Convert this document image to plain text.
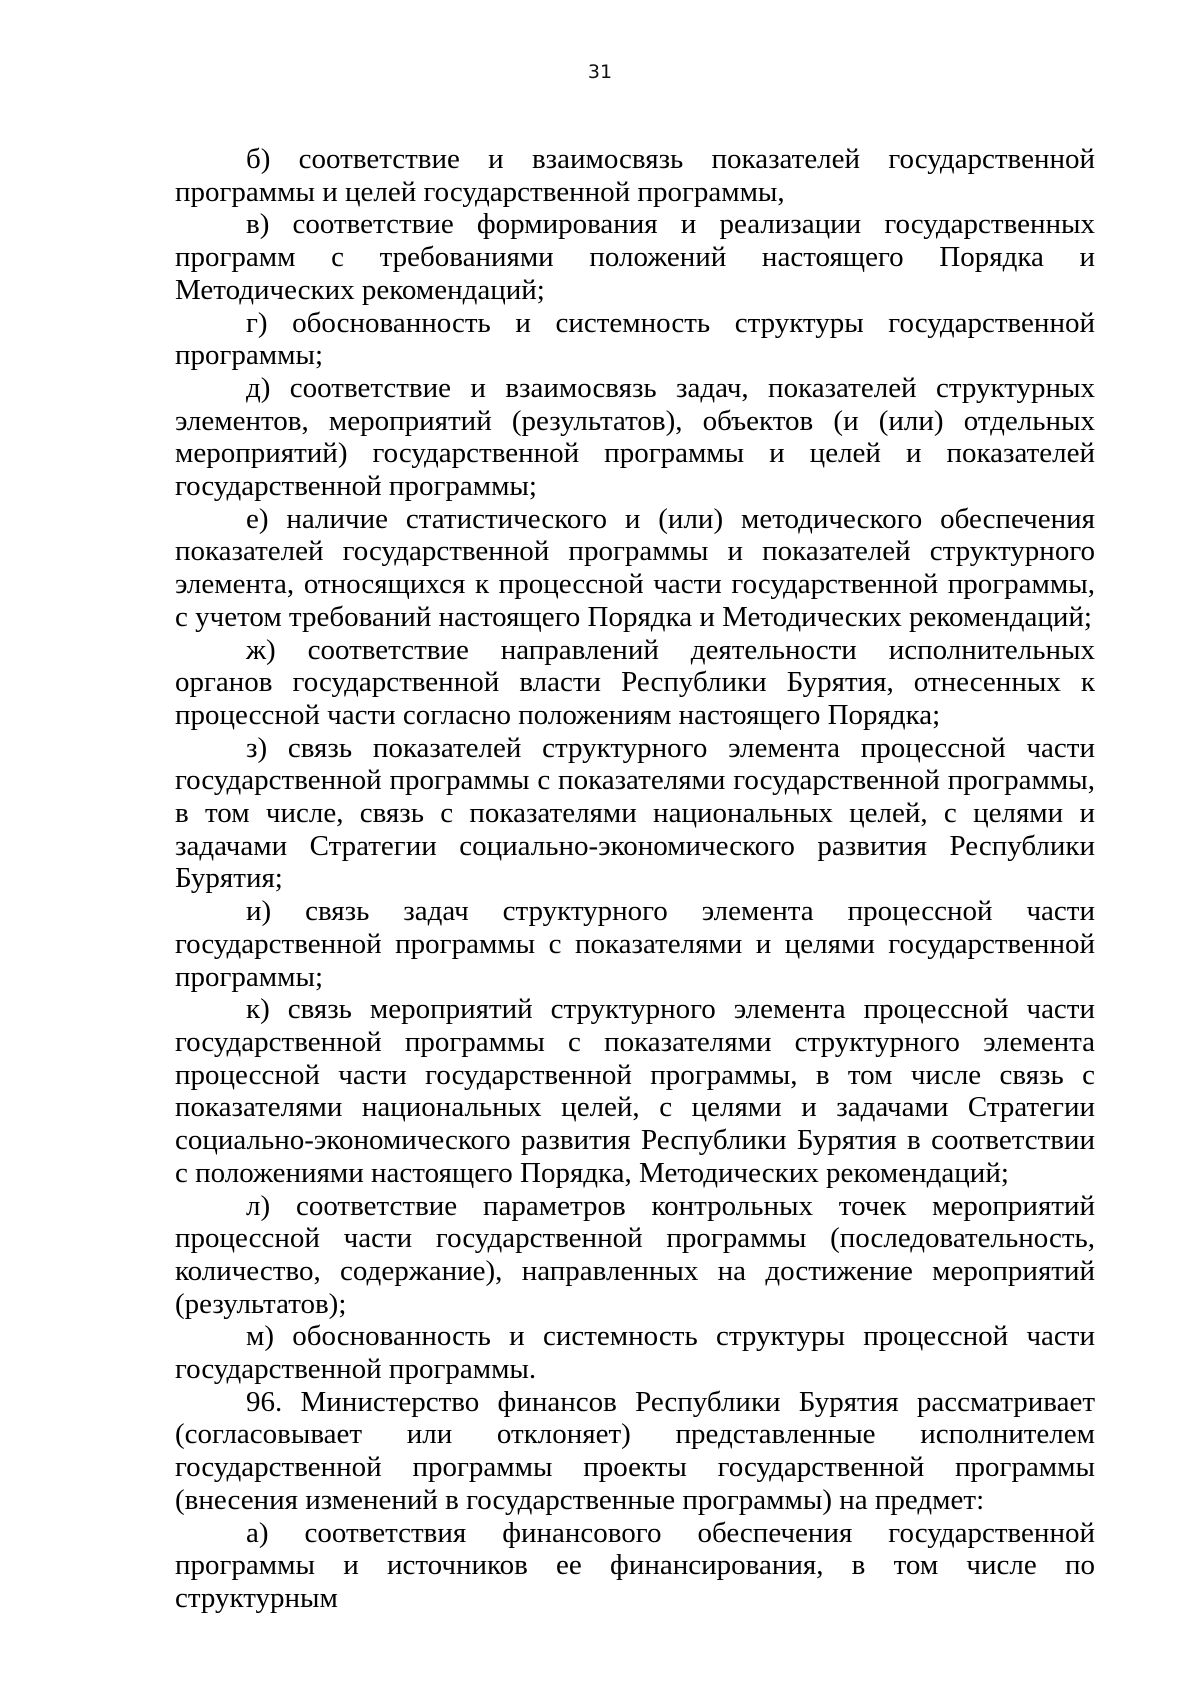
31

б) соответствие и взаимосвязь показателей государственной программы и целей государственной программы,

в) соответствие формирования и реализации государственных программ с требованиями положений настоящего Порядка и Методических рекомендаций;

г) обоснованность и системность структуры государственной программы;

д) соответствие и взаимосвязь задач, показателей структурных элементов, мероприятий (результатов), объектов (и (или) отдельных мероприятий) государственной программы и целей и показателей государственной программы;

е) наличие статистического и (или) методического обеспечения показателей государственной программы и показателей структурного элемента, относящихся к процессной части государственной программы, с учетом требований настоящего Порядка и Методических рекомендаций;

ж) соответствие направлений деятельности исполнительных органов государственной власти Республики Бурятия, отнесенных к процессной части согласно положениям настоящего Порядка;

з) связь показателей структурного элемента процессной части государственной программы с показателями государственной программы, в том числе, связь с показателями национальных целей, с целями и задачами Стратегии социально-экономического развития Республики Бурятия;

и) связь задач структурного элемента процессной части государственной программы с показателями и целями государственной программы;

к) связь мероприятий структурного элемента процессной части государственной программы с показателями структурного элемента процессной части государственной программы, в том числе связь с показателями национальных целей, с целями и задачами Стратегии социально-экономического развития Республики Бурятия в соответствии с положениями настоящего Порядка, Методических рекомендаций;

л) соответствие параметров контрольных точек мероприятий процессной части государственной программы (последовательность, количество, содержание), направленных на достижение мероприятий (результатов);

м) обоснованность и системность структуры процессной части государственной программы.

96. Министерство финансов Республики Бурятия рассматривает (согласовывает или отклоняет) представленные исполнителем государственной программы проекты государственной программы (внесения изменений в государственные программы) на предмет:

а) соответствия финансового обеспечения государственной программы и источников ее финансирования, в том числе по структурным
